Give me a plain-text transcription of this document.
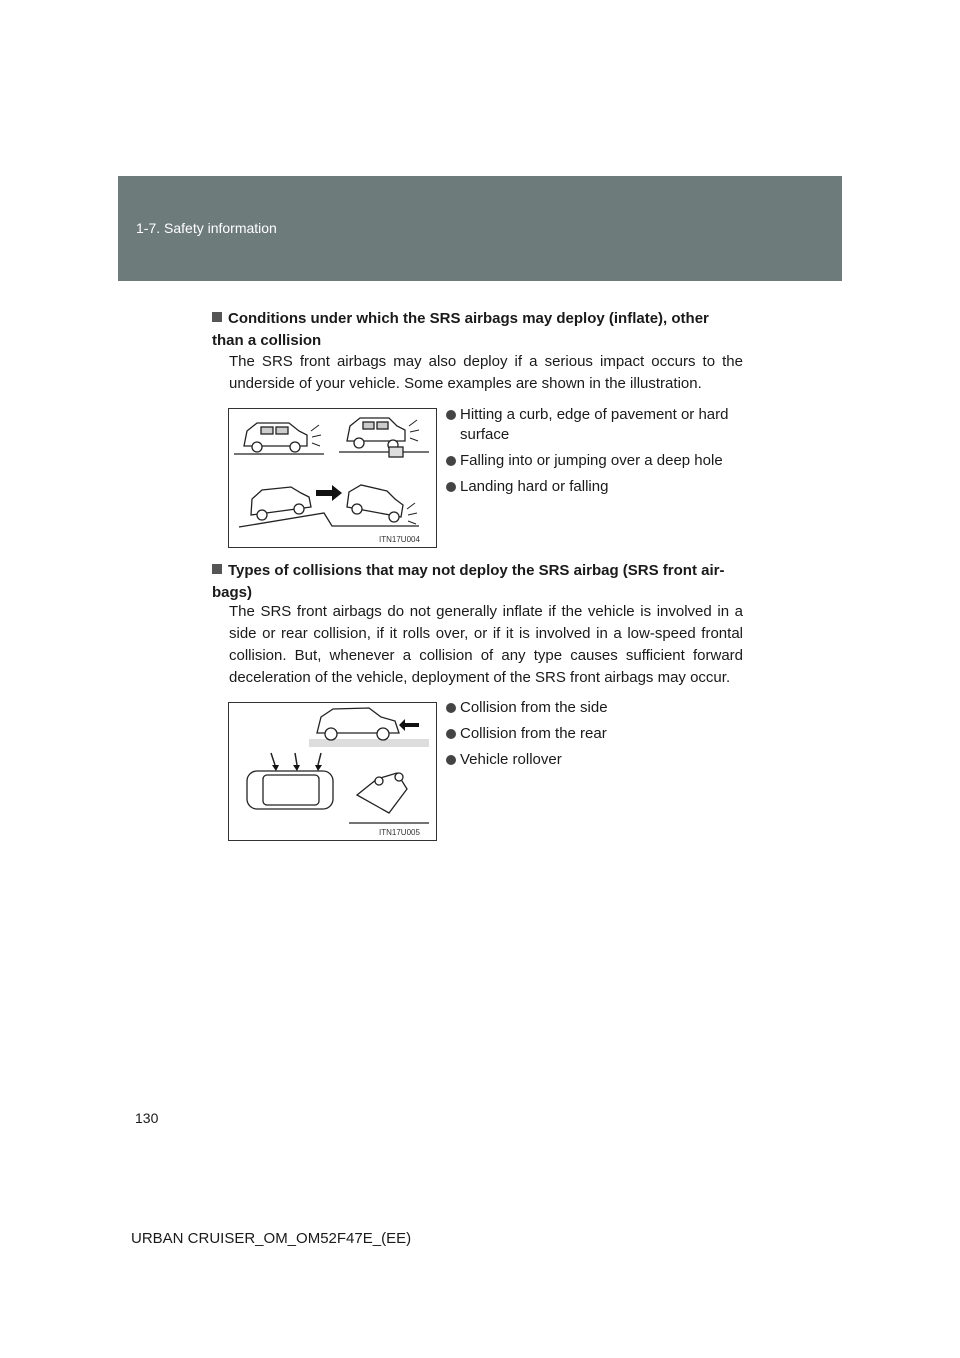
1-7. Safety information
Conditions under which the SRS airbags may deploy (inflate), other than a collision
The SRS front airbags may also deploy if a serious impact occurs to the underside of your vehicle. Some examples are shown in the illustration.
ITN17U004
Hitting a curb, edge of pavement or hard surface
Falling into or jumping over a deep hole
Landing hard or falling
Types of collisions that may not deploy the SRS airbag (SRS front air-bags)
The SRS front airbags do not generally inflate if the vehicle is involved in a side or rear collision, if it rolls over, or if it is involved in a low-speed frontal collision. But, whenever a collision of any type causes sufficient forward deceleration of the vehicle, deployment of the SRS front airbags may occur.
ITN17U005
Collision from the side
Collision from the rear
Vehicle rollover
130
URBAN CRUISER_OM_OM52F47E_(EE)
